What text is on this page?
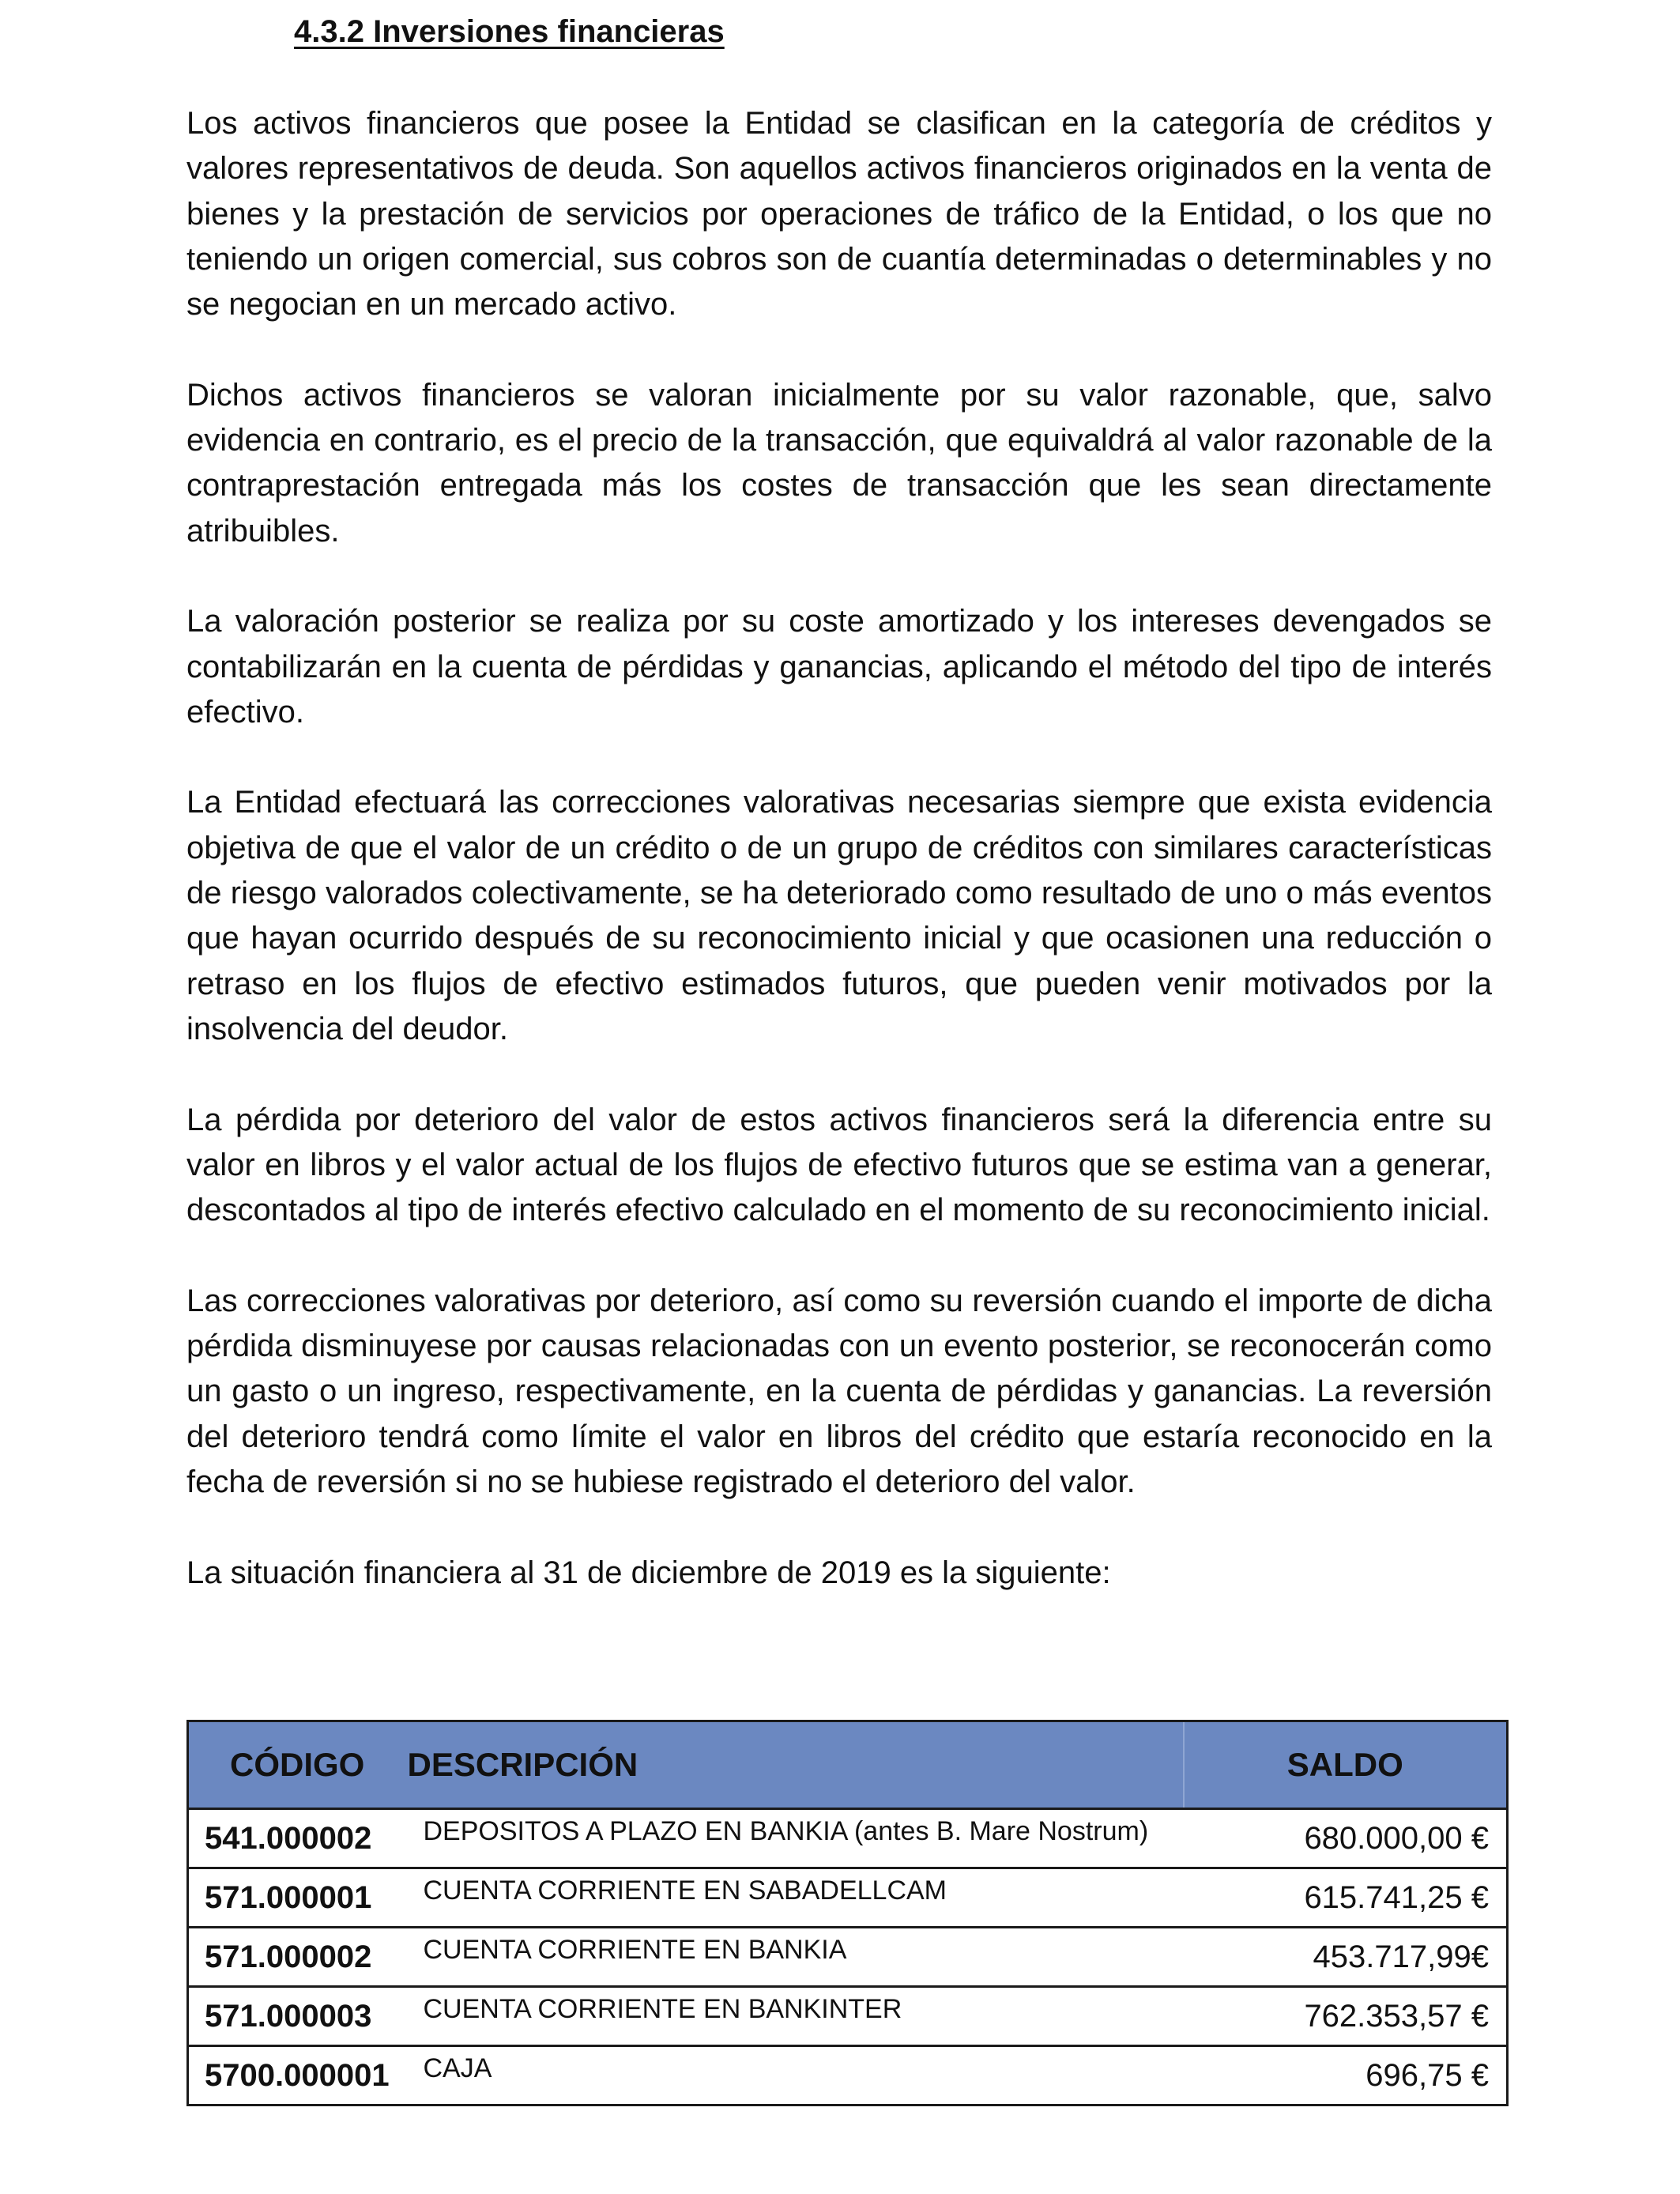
4.3.2 Inversiones financieras

Los activos financieros que posee la Entidad se clasifican en la categoría de créditos y valores representativos de deuda. Son aquellos activos financieros originados en la venta de bienes y la prestación de servicios por operaciones de tráfico de la Entidad, o los que no teniendo un origen comercial, sus cobros son de cuantía determinadas o determinables y no se negocian en un mercado activo.

Dichos activos financieros se valoran inicialmente por su valor razonable, que, salvo evidencia en contrario, es el precio de la transacción, que equivaldrá al valor razonable de la contraprestación entregada más los costes de transacción que les sean directamente atribuibles.

La valoración posterior se realiza por su coste amortizado y los intereses devengados se contabilizarán en la cuenta de pérdidas y ganancias, aplicando el método del tipo de interés efectivo.

La Entidad efectuará las correcciones valorativas necesarias siempre que exista evidencia objetiva de que el valor de un crédito o de un grupo de créditos con similares características de riesgo valorados colectivamente, se ha deteriorado como resultado de uno o más eventos que hayan ocurrido después de su reconocimiento inicial y que ocasionen una reducción o retraso en los flujos de efectivo estimados futuros, que pueden venir motivados por la insolvencia del deudor.

La pérdida por deterioro del valor de estos activos financieros será la diferencia entre su valor en libros y el valor actual de los flujos de efectivo futuros que se estima van a generar, descontados al tipo de interés efectivo calculado en el momento de su reconocimiento inicial.

Las correcciones valorativas por deterioro, así como su reversión cuando el importe de dicha pérdida disminuyese por causas relacionadas con un evento posterior, se reconocerán como un gasto o un ingreso, respectivamente, en la cuenta de pérdidas y ganancias. La reversión del deterioro tendrá como límite el valor en libros del crédito que estaría reconocido en la fecha de reversión si no se hubiese registrado el deterioro del valor.

La situación financiera al 31 de diciembre de 2019 es la siguiente:

CÓDIGO	DESCRIPCIÓN	SALDO
541.000002	DEPOSITOS A PLAZO EN BANKIA (antes B. Mare Nostrum)	680.000,00 €
571.000001	CUENTA CORRIENTE EN SABADELLCAM	615.741,25 €
571.000002	CUENTA CORRIENTE EN BANKIA	453.717,99€
571.000003	CUENTA CORRIENTE EN BANKINTER	762.353,57 €
5700.000001	CAJA	696,75 €
